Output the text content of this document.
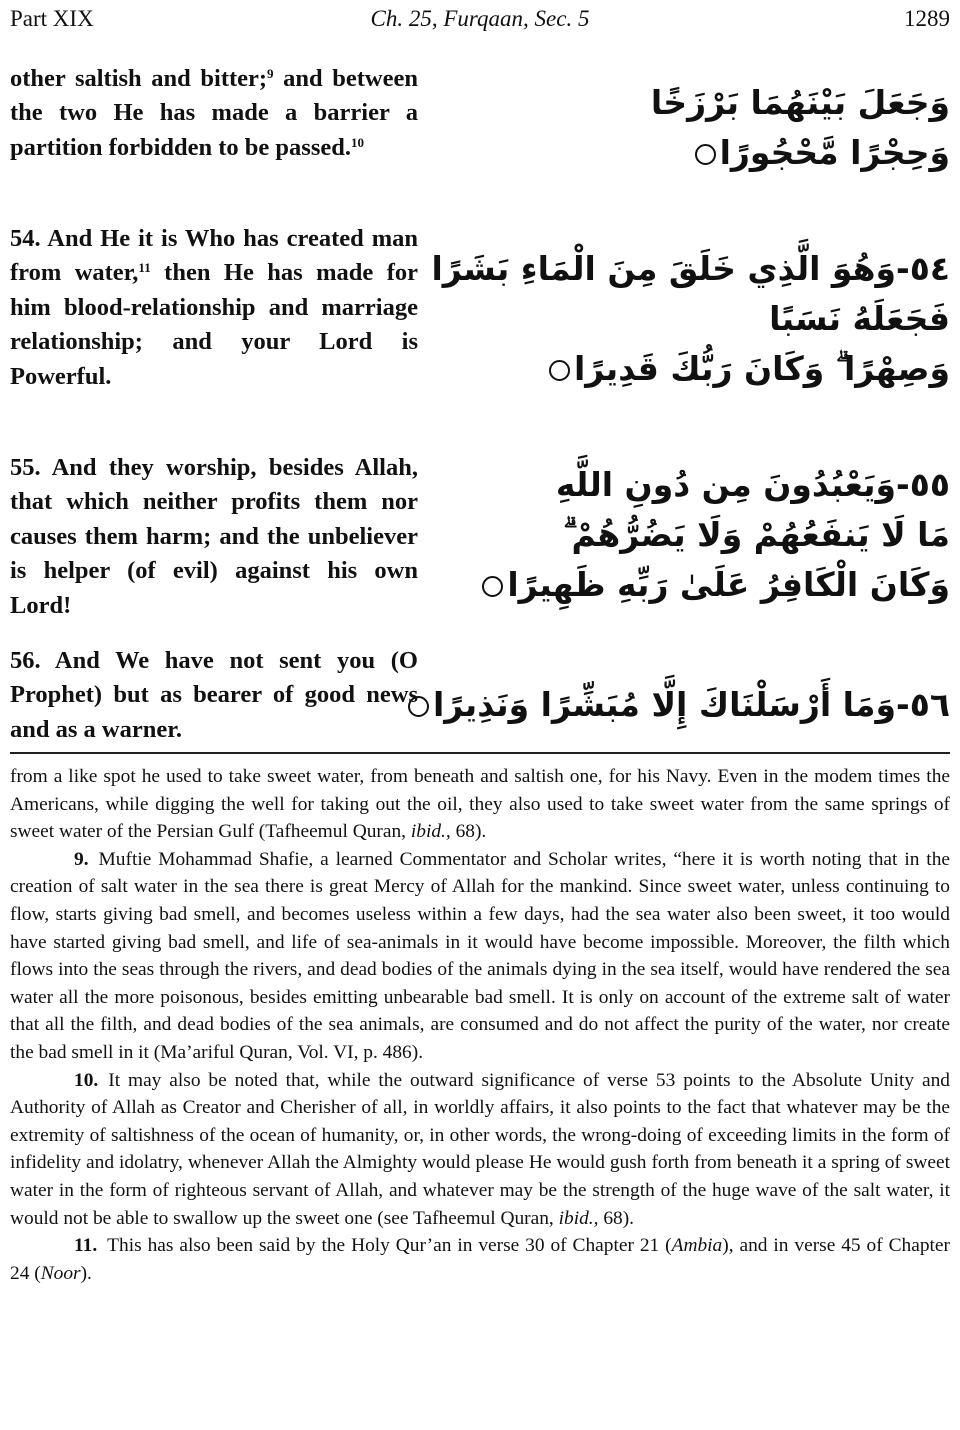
Part XIX	Ch. 25, Furqaan, Sec. 5	1289
other saltish and bitter;$^9$ and between the two He has made a barrier a partition forbidden to be passed.$^{10}$
وَجَعَلَ بَيْنَهُمَا بَرْزَخًا
وَحِجْرًا مَّحْجُورًا
54. And He it is Who has created man from water,$^{11}$ then He has made for him blood-relationship and marriage relationship; and your Lord is Powerful.
٥٤-وَهُوَ الَّذِي خَلَقَ مِنَ الْمَاءِ بَشَرًا
فَجَعَلَهُ نَسَبًا
وَصِهْرًا ۗ وَكَانَ رَبُّكَ قَدِيرًا
55. And they worship, besides Allah, that which neither profits them nor causes them harm; and the unbeliever is helper (of evil) against his own Lord!
٥٥-وَيَعْبُدُونَ مِن دُونِ اللَّهِ
مَا لَا يَنفَعُهُمْ وَلَا يَضُرُّهُمْ ۗ
وَكَانَ الْكَافِرُ عَلَىٰ رَبِّهِ ظَهِيرًا
56. And We have not sent you (O Prophet) but as bearer of good news and as a warner.
٥٦-وَمَا أَرْسَلْنَاكَ إِلَّا مُبَشِّرًا وَنَذِيرًا

from a like spot he used to take sweet water, from beneath and saltish one, for his Navy. Even in the modem times the Americans, while digging the well for taking out the oil, they also used to take sweet water from the same springs of sweet water of the Persian Gulf (Tafheemul Quran, ibid., 68).

9. Muftie Mohammad Shafie, a learned Commentator and Scholar writes, “here it is worth noting that in the creation of salt water in the sea there is great Mercy of Allah for the mankind. Since sweet water, unless continuing to flow, starts giving bad smell, and becomes useless within a few days, had the sea water also been sweet, it too would have started giving bad smell, and life of sea-animals in it would have become impossible. Moreover, the filth which flows into the seas through the rivers, and dead bodies of the animals dying in the sea itself, would have rendered the sea water all the more poisonous, besides emitting unbearable bad smell. It is only on account of the extreme salt of water that all the filth, and dead bodies of the sea animals, are consumed and do not affect the purity of the water, nor create the bad smell in it (Ma’ariful Quran, Vol. VI, p. 486).

10. It may also be noted that, while the outward significance of verse 53 points to the Absolute Unity and Authority of Allah as Creator and Cherisher of all, in worldly affairs, it also points to the fact that whatever may be the extremity of saltishness of the ocean of humanity, or, in other words, the wrong-doing of exceeding limits in the form of infidelity and idolatry, whenever Allah the Almighty would please He would gush forth from beneath it a spring of sweet water in the form of righteous servant of Allah, and whatever may be the strength of the huge wave of the salt water, it would not be able to swallow up the sweet one (see Tafheemul Quran, ibid., 68).

11. This has also been said by the Holy Qur’an in verse 30 of Chapter 21 (Ambia), and in verse 45 of Chapter 24 (Noor).
